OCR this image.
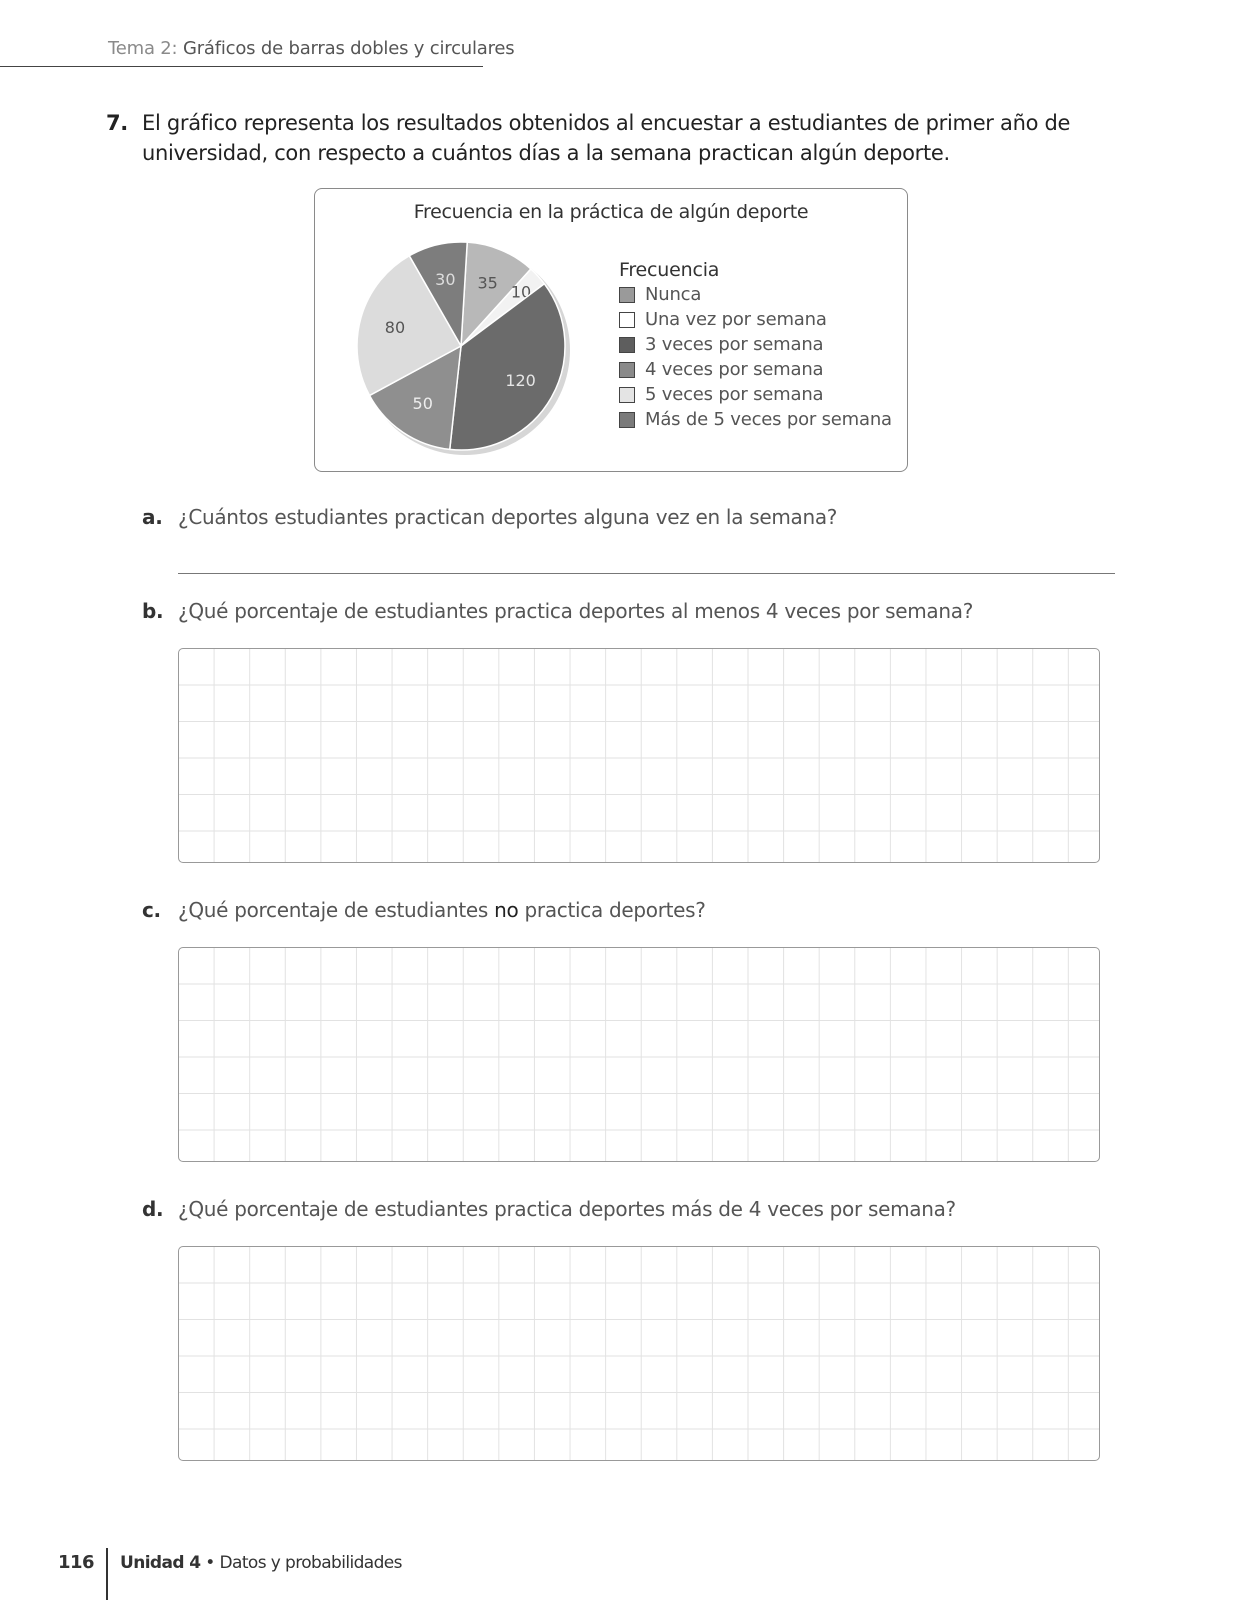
Tema 2: Gráficos de barras dobles y circulares
7. El gráfico representa los resultados obtenidos al encuestar a estudiantes de primer año de universidad, con respecto a cuántos días a la semana practican algún deporte.
Frecuencia en la práctica de algún deporte
35 10
120
50
80
30	Frecuencia
Nunca
Una vez por semana
3 veces por semana
4 veces por semana
5 veces por semana
Más de 5 veces por semana
a. ¿Cuántos estudiantes practican deportes alguna vez en la semana?
b. ¿Qué porcentaje de estudiantes practica deportes al menos 4 veces por semana?
c. ¿Qué porcentaje de estudiantes no practica deportes?
d. ¿Qué porcentaje de estudiantes practica deportes más de 4 veces por semana?
116 Unidad 4 • Datos y probabilidades
